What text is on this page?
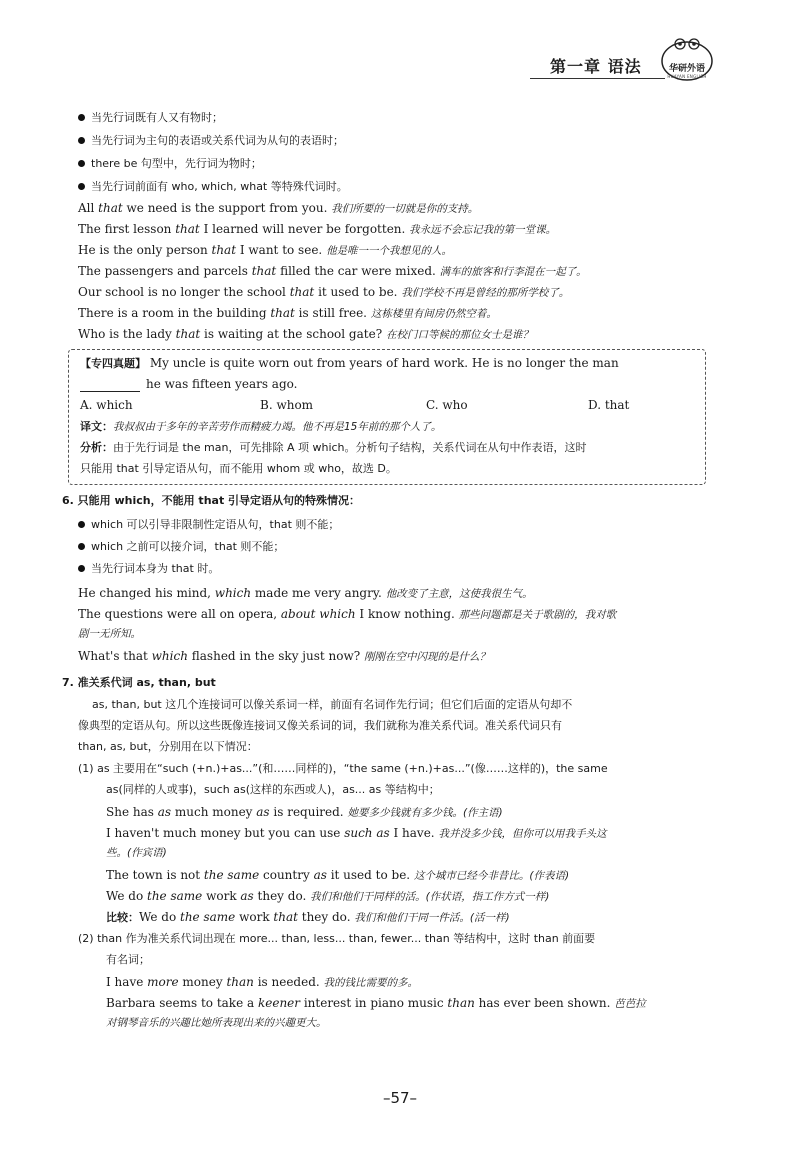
第一章 语法	华研外语
HUAYAN ENGLISH
当先行词既有人又有物时；
当先行词为主句的表语或关系代词为从句的表语时；
there be 句型中，先行词为物时；
当先行词前面有 who, which, what 等特殊代词时。
All that we need is the support from you. 我们所要的一切就是你的支持。
The first lesson that I learned will never be forgotten. 我永远不会忘记我的第一堂课。
He is the only person that I want to see. 他是唯一一个我想见的人。
The passengers and parcels that filled the car were mixed. 满车的旅客和行李混在一起了。
Our school is no longer the school that it used to be. 我们学校不再是曾经的那所学校了。
There is a room in the building that is still free. 这栋楼里有间房仍然空着。
Who is the lady that is waiting at the school gate? 在校门口等候的那位女士是谁？
【专四真题】 My uncle is quite worn out from years of hard work. He is no longer the man
he was fifteen years ago.
A. which	B. whom	C. who	D. that
译文：我叔叔由于多年的辛苦劳作而精疲力竭。他不再是15年前的那个人了。
分析：由于先行词是 the man，可先排除 A 项 which。分析句子结构，关系代词在从句中作表语，这时
只能用 that 引导定语从句，而不能用 whom 或 who，故选 D。
6. 只能用 which，不能用 that 引导定语从句的特殊情况：
which 可以引导非限制性定语从句，that 则不能；
which 之前可以接介词，that 则不能；
当先行词本身为 that 时。
He changed his mind, which made me very angry. 他改变了主意，这使我很生气。
The questions were all on opera, about which I know nothing. 那些问题都是关于歌剧的，我对歌
剧一无所知。
What's that which flashed in the sky just now? 刚刚在空中闪现的是什么？
7. 准关系代词 as, than, but
as, than, but 这几个连接词可以像关系词一样，前面有名词作先行词；但它们后面的定语从句却不
像典型的定语从句。所以这些既像连接词又像关系词的词，我们就称为准关系代词。准关系代词只有
than, as, but，分别用在以下情况：
(1) as 主要用在“such (+n.)+as...”(和……同样的)，“the same (+n.)+as...”(像……这样的)，the same
as(同样的人或事)，such as(这样的东西或人)，as... as 等结构中；
She has as much money as is required. 她要多少钱就有多少钱。(作主语)
I haven't much money but you can use such as I have. 我并没多少钱，但你可以用我手头这
些。(作宾语)
The town is not the same country as it used to be. 这个城市已经今非昔比。(作表语)
We do the same work as they do. 我们和他们干同样的活。(作状语，指工作方式一样)
比较：We do the same work that they do. 我们和他们干同一件活。(活一样)
(2) than 作为准关系代词出现在 more... than, less... than, fewer... than 等结构中，这时 than 前面要
有名词；
I have more money than is needed. 我的钱比需要的多。
Barbara seems to take a keener interest in piano music than has ever been shown. 芭芭拉
对钢琴音乐的兴趣比她所表现出来的兴趣更大。
–57–
